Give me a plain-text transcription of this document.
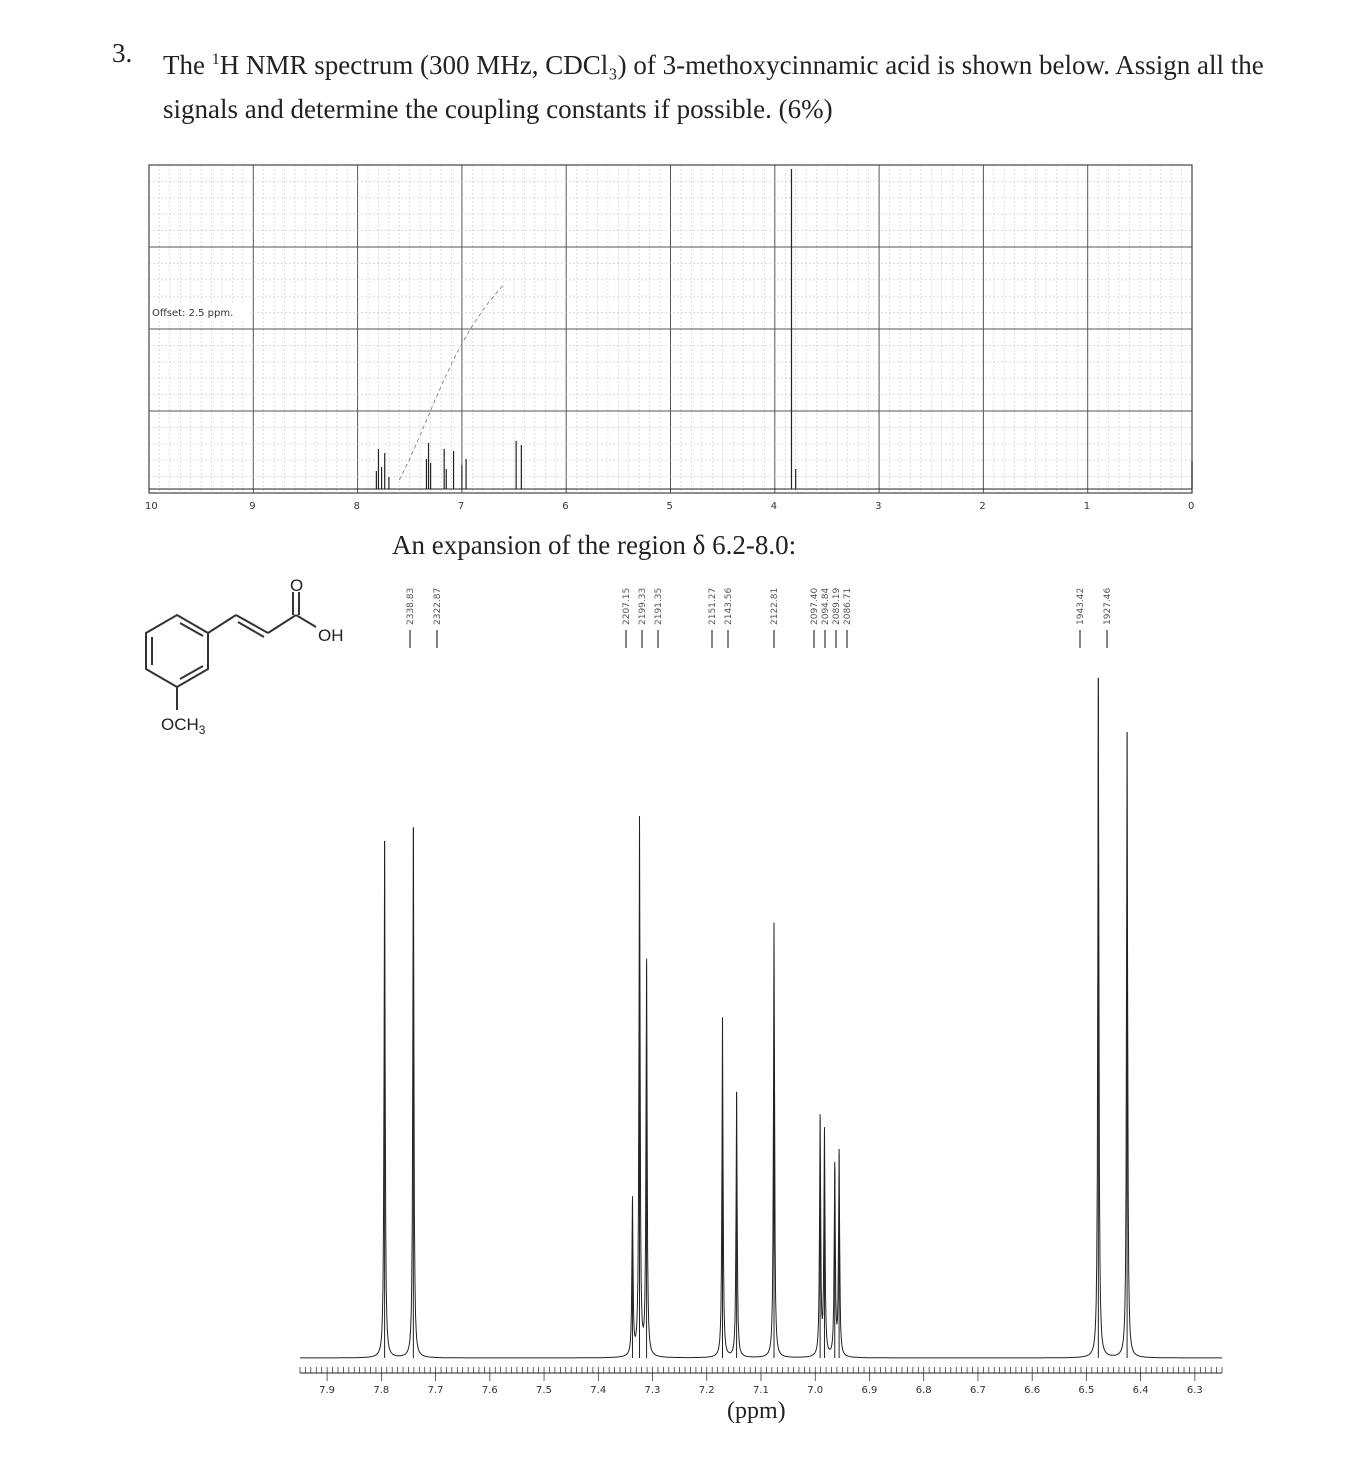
3. The $^1$H NMR spectrum (300 MHz, CDCl₃) of 3-methoxycinnamic acid is shown below. Assign all the signals and determine the coupling constants if possible. (6%)
Offset: 2.5 ppm.
10	9	8	7	6	5	4	3	2	1	0
O
OH
$OCH_3$
An expansion of the region δ 6.2-8.0:
2338.83 2322.87	2207.15 2199.33 2191.35	2151.27 2143.56	2122.81	2097.40 2094.84 2089.19 2086.71	1943.42 1927.46
7.9	7.8	7.7	7.6	7.5	7.4	7.3	7.2	7.1	7.0	6.9	6.8	6.7	6.6	6.5	6.4	6.3
(ppm)
